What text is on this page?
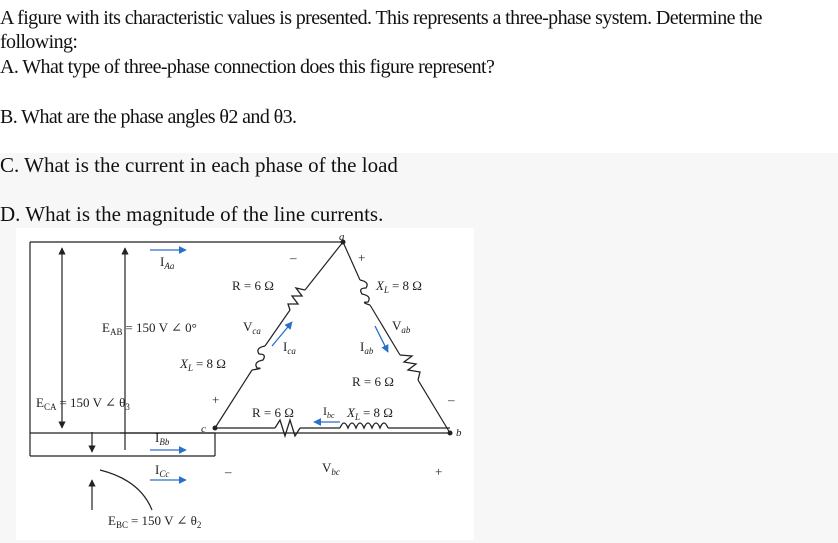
A figure with its characteristic values is presented. This represents a three-phase system. Determine the

following:

A. What type of three-phase connection does this figure represent?

B. What are the phase angles θ2 and θ3.

C. What is the current in each phase of the load

D. What is the magnitude of the line currents.

a
b
c
$I_{Aa}$
$I_{Bb}$
$I_{Cc}$
$E_{AB} = 150$ V ∠ 0°
$E_{CA} = 150$ V ∠ $\theta_3$
$E_{BC} = 150$ V ∠ $\theta_2$
R = 6 Ω
$X_L = 8$ Ω
$X_L = 8$ Ω
R = 6 Ω
R = 6 Ω	$X_L = 8$ Ω
$V_{ca}$	$V_{ab}$
$V_{bc}$
$I_{ca}$	$I_{ab}$
$I_{bc}$
+
–
–
+
–	+
